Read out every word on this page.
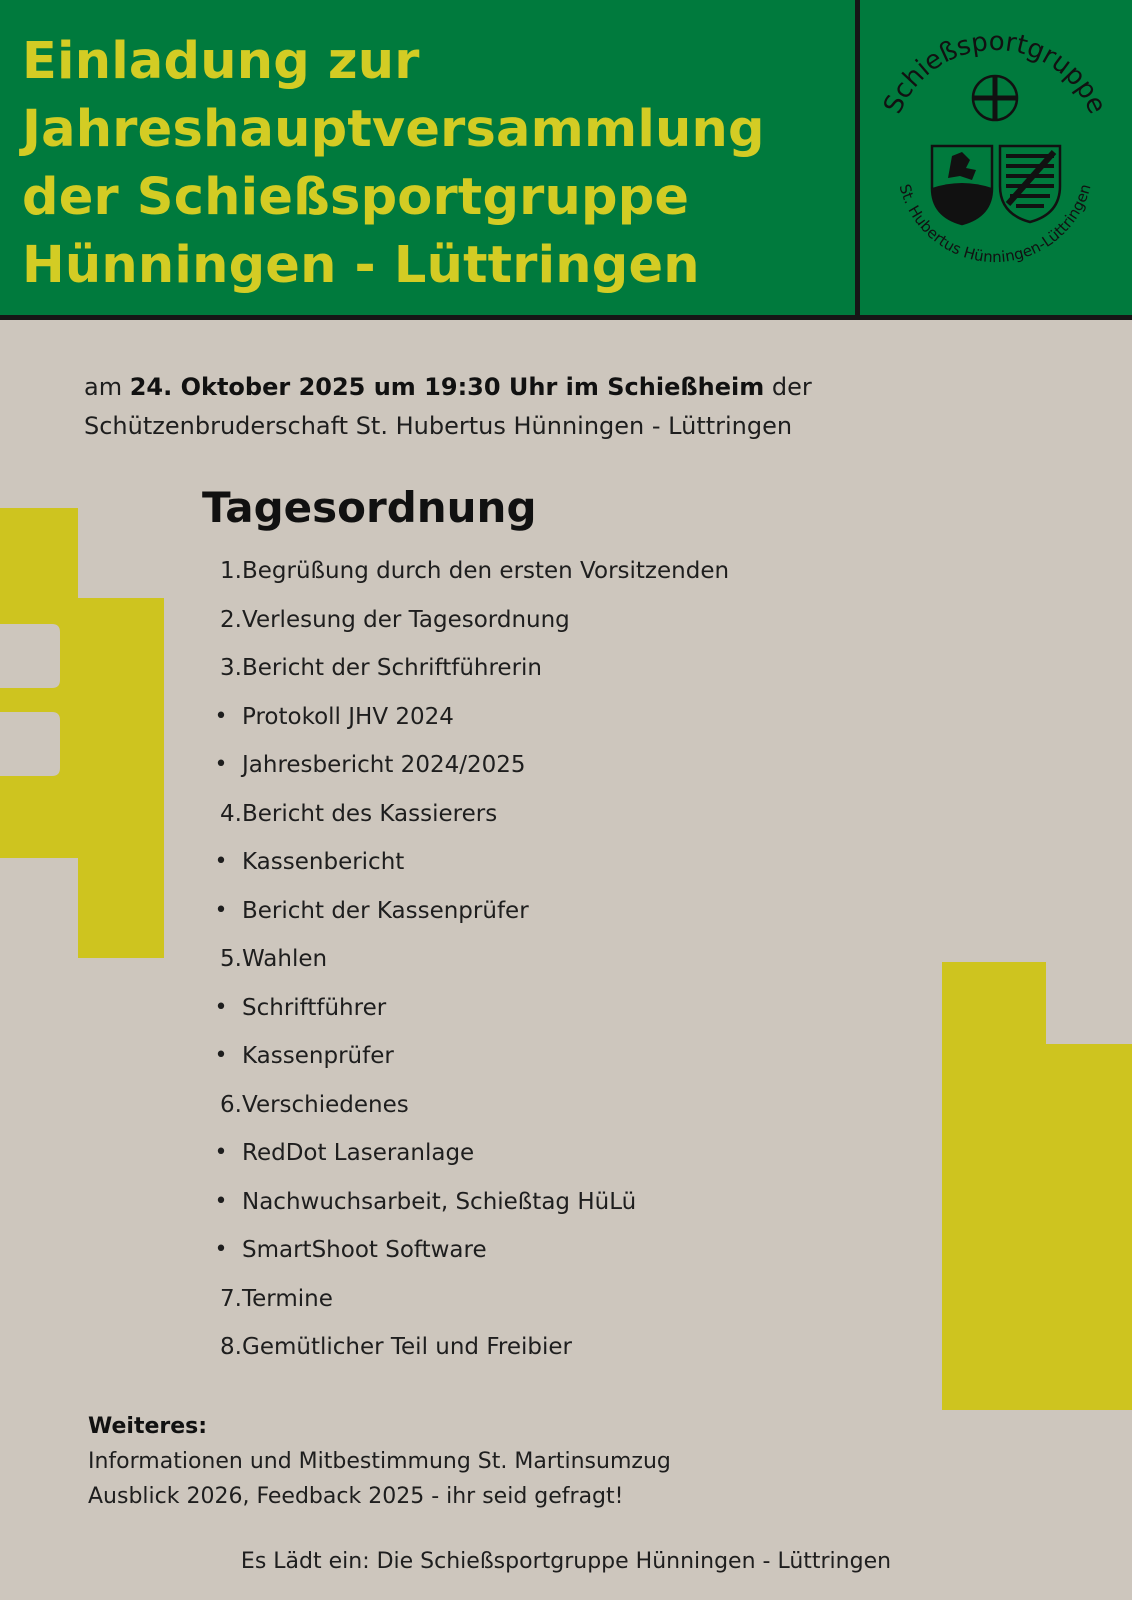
Einladung zur
Jahreshauptversammlung
der Schießsportgruppe
Hünningen - Lüttringen
Schießsportgruppe
St. Hubertus Hünningen-Lüttringen
am 24. Oktober 2025 um 19:30 Uhr im Schießheim der
Schützenbruderschaft St. Hubertus Hünningen - Lüttringen
Tagesordnung
1. Begrüßung durch den ersten Vorsitzenden
2. Verlesung der Tagesordnung
3. Bericht der Schriftführerin
• Protokoll JHV 2024
• Jahresbericht 2024/2025
4. Bericht des Kassierers
• Kassenbericht
• Bericht der Kassenprüfer
5. Wahlen
• Schriftführer
• Kassenprüfer
6. Verschiedenes
• RedDot Laseranlage
• Nachwuchsarbeit, Schießtag HüLü
• SmartShoot Software
7. Termine
8. Gemütlicher Teil und Freibier
Weiteres:
Informationen und Mitbestimmung St. Martinsumzug
Ausblick 2026, Feedback 2025 - ihr seid gefragt!
Es Lädt ein: Die Schießsportgruppe Hünningen - Lüttringen
